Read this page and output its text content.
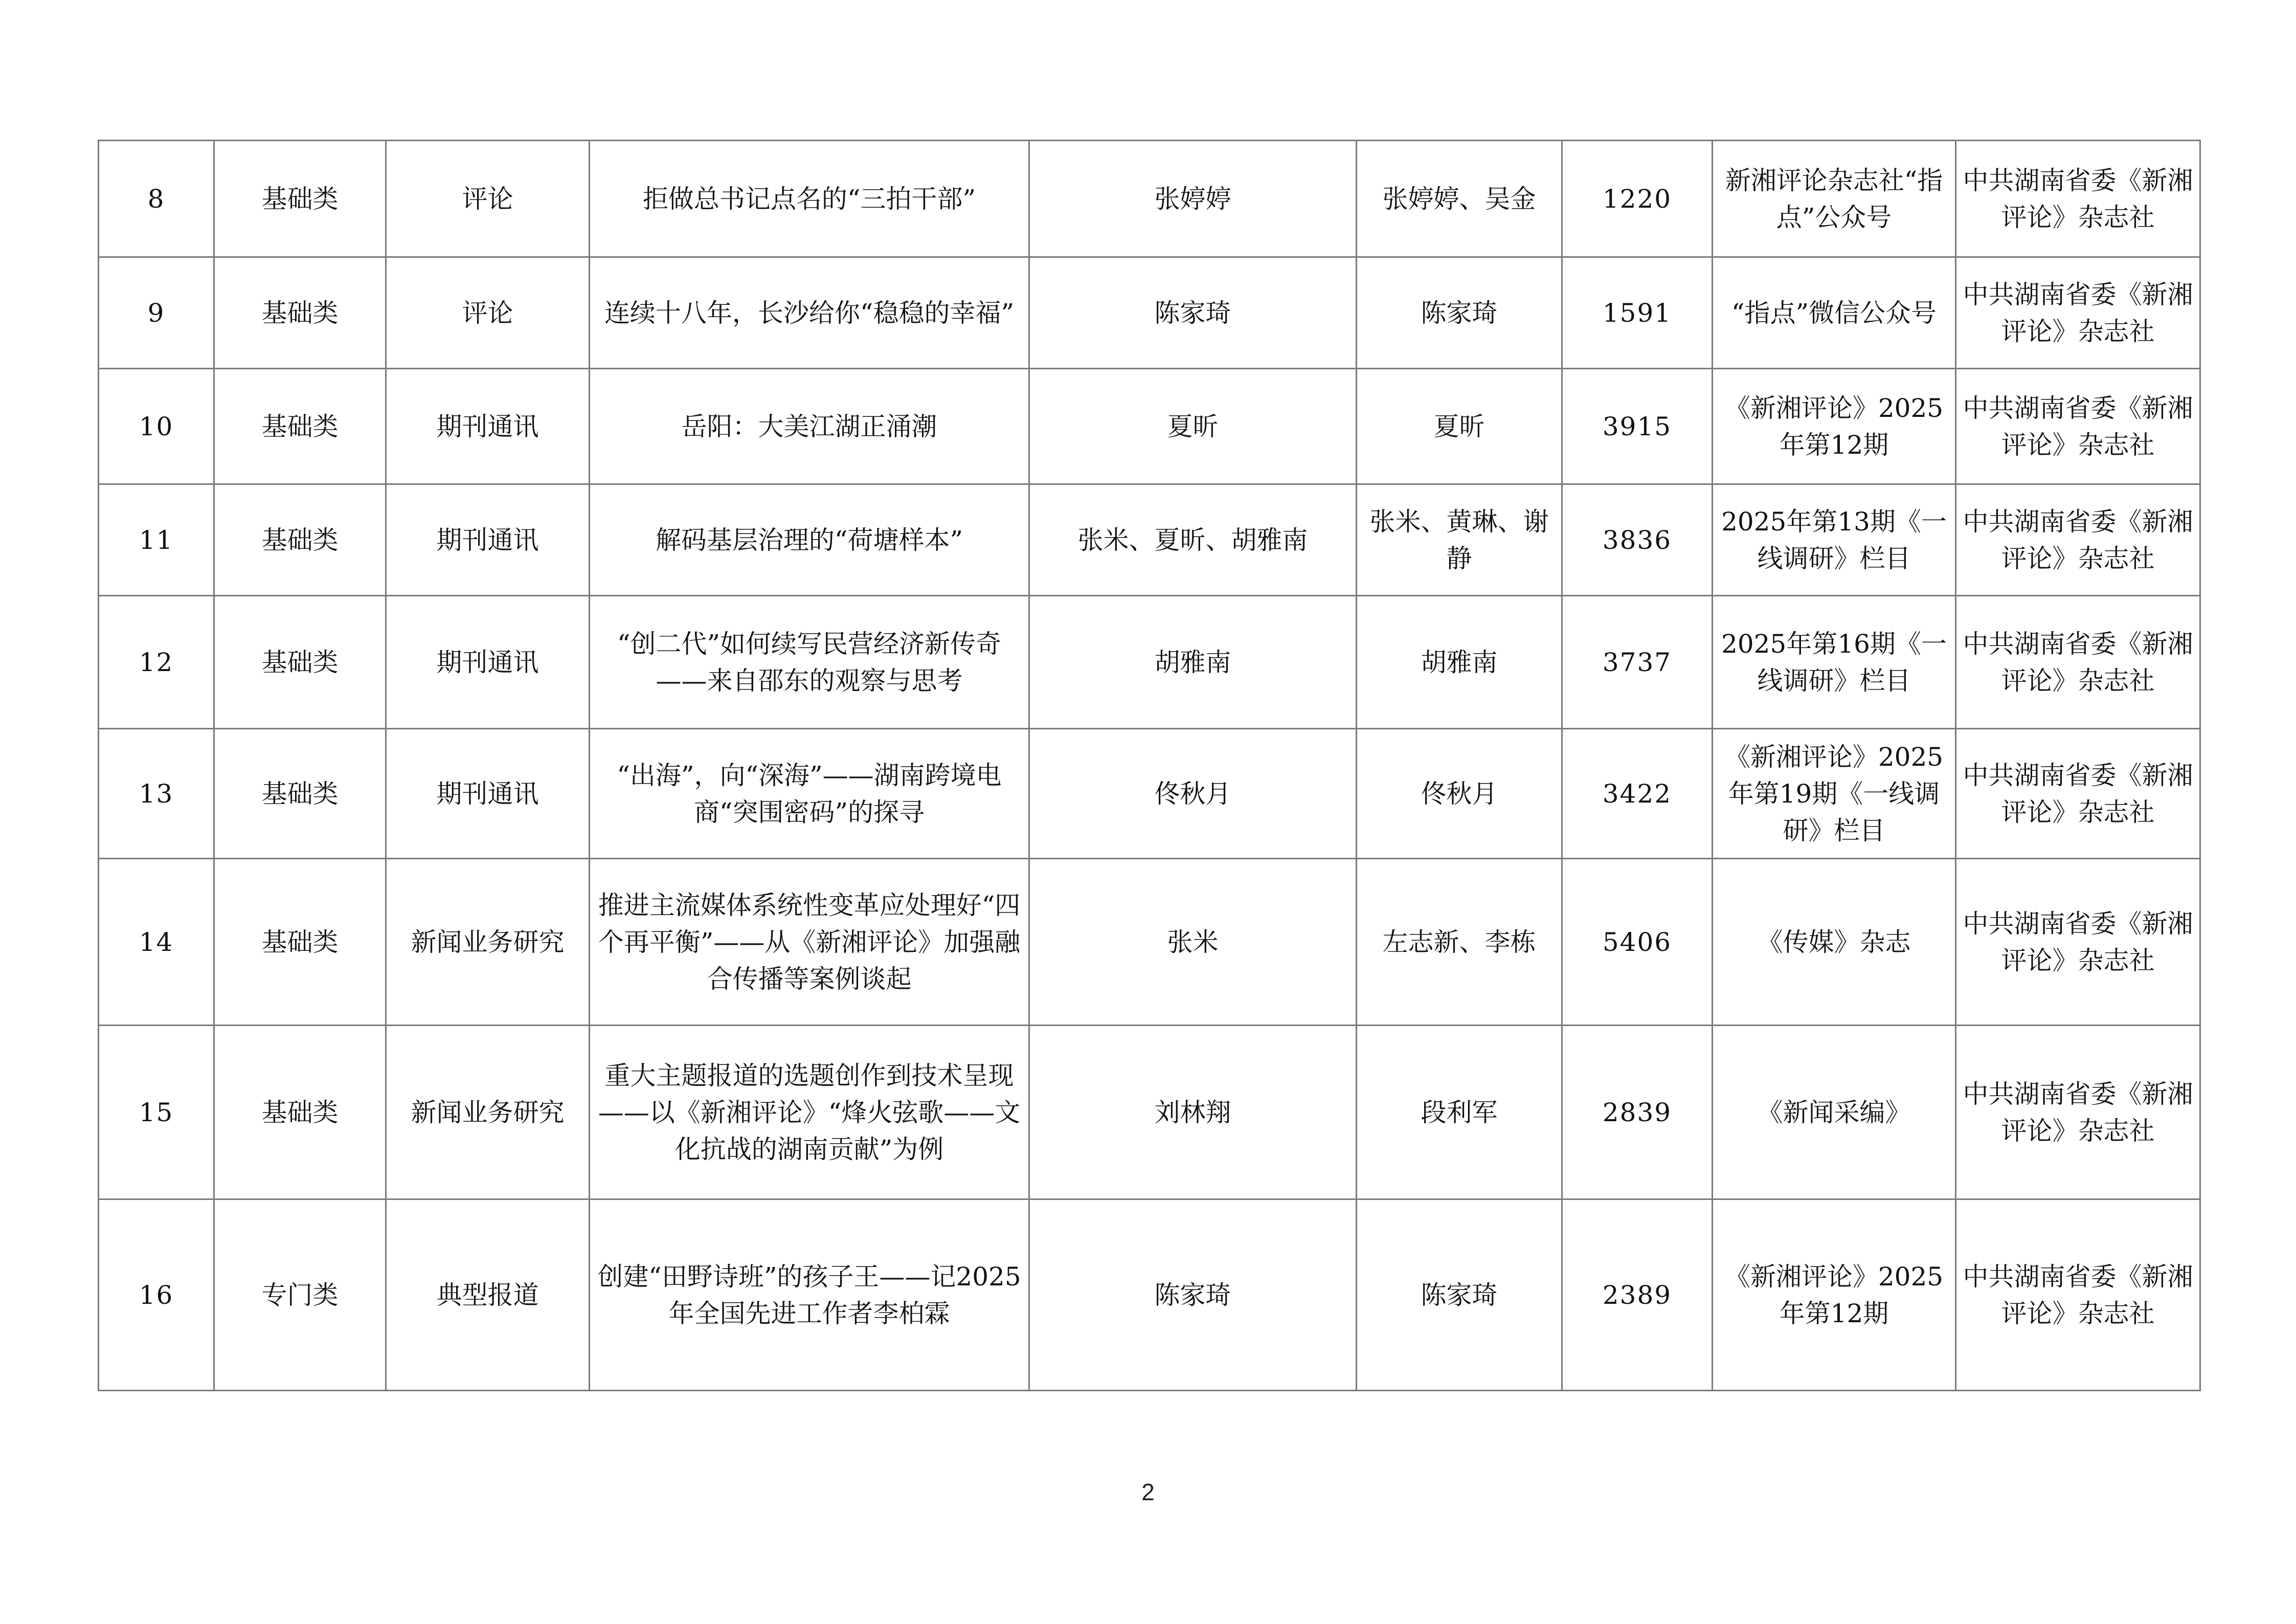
8	基础类	评论	拒做总书记点名的“三拍干部”	张婷婷	张婷婷、吴金	1220	新湘评论杂志社“指点”公众号	中共湖南省委《新湘评论》杂志社
9	基础类	评论	连续十八年，长沙给你“稳稳的幸福”	陈家琦	陈家琦	1591	“指点”微信公众号	中共湖南省委《新湘评论》杂志社
10	基础类	期刊通讯	岳阳：大美江湖正涌潮	夏昕	夏昕	3915	《新湘评论》2025年第12期	中共湖南省委《新湘评论》杂志社
11	基础类	期刊通讯	解码基层治理的“荷塘样本”	张米、夏昕、胡雅南	张米、黄琳、谢静	3836	2025年第13期《一线调研》栏目	中共湖南省委《新湘评论》杂志社
12	基础类	期刊通讯	“创二代”如何续写民营经济新传奇——来自邵东的观察与思考	胡雅南	胡雅南	3737	2025年第16期《一线调研》栏目	中共湖南省委《新湘评论》杂志社
13	基础类	期刊通讯	“出海”，向“深海”——湖南跨境电商“突围密码”的探寻	佟秋月	佟秋月	3422	《新湘评论》2025年第19期《一线调研》栏目	中共湖南省委《新湘评论》杂志社
14	基础类	新闻业务研究	推进主流媒体系统性变革应处理好“四个再平衡”——从《新湘评论》加强融合传播等案例谈起	张米	左志新、李栋	5406	《传媒》杂志	中共湖南省委《新湘评论》杂志社
15	基础类	新闻业务研究	重大主题报道的选题创作到技术呈现——以《新湘评论》“烽火弦歌——文化抗战的湖南贡献”为例	刘林翔	段利军	2839	《新闻采编》	中共湖南省委《新湘评论》杂志社
16	专门类	典型报道	创建“田野诗班”的孩子王——记2025年全国先进工作者李柏霖	陈家琦	陈家琦	2389	《新湘评论》2025年第12期	中共湖南省委《新湘评论》杂志社
2
